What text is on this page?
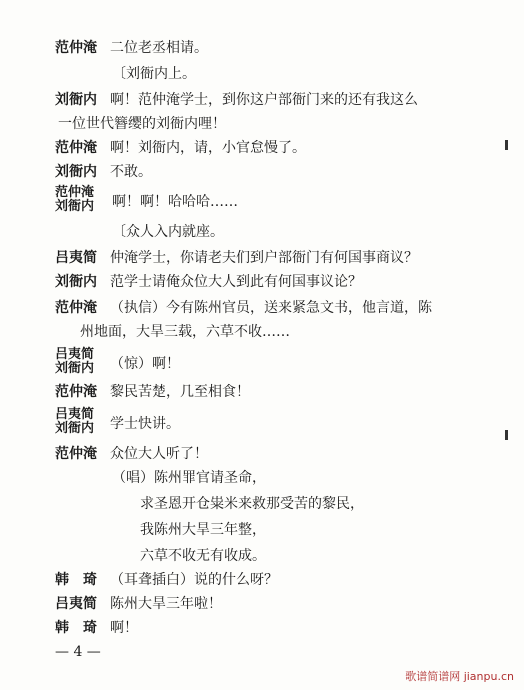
范仲淹 二位老丞相请。
〔刘衙内上。
刘衙内 啊！范仲淹学士，到你这户部衙门来的还有我这么
一位世代簪缨的刘衙内哩！
范仲淹 啊！刘衙内，请，小官怠慢了。
刘衙内 不敢。
范仲淹
刘衙内 啊！啊！哈哈哈……
〔众人入内就座。
吕夷简 仲淹学士，你请老夫们到户部衙门有何国事商议？
刘衙内 范学士请俺众位大人到此有何国事议论？
范仲淹 （执信）今有陈州官员，送来紧急文书，他言道，陈
州地面，大旱三载，六草不收……
吕夷简
刘衙内 （惊）啊！
范仲淹 黎民苦楚，几至相食！
吕夷简
刘衙内 学士快讲。
范仲淹 众位大人听了！
（唱）陈州罪官请圣命，
求圣恩开仓粜米来救那受苦的黎民，
我陈州大旱三年整，
六草不收无有收成。
韩　琦 （耳聋插白）说的什么呀？
吕夷简 陈州大旱三年啦！
韩　琦 啊！
— 4 —
歌谱简谱网 jianpu.cn
